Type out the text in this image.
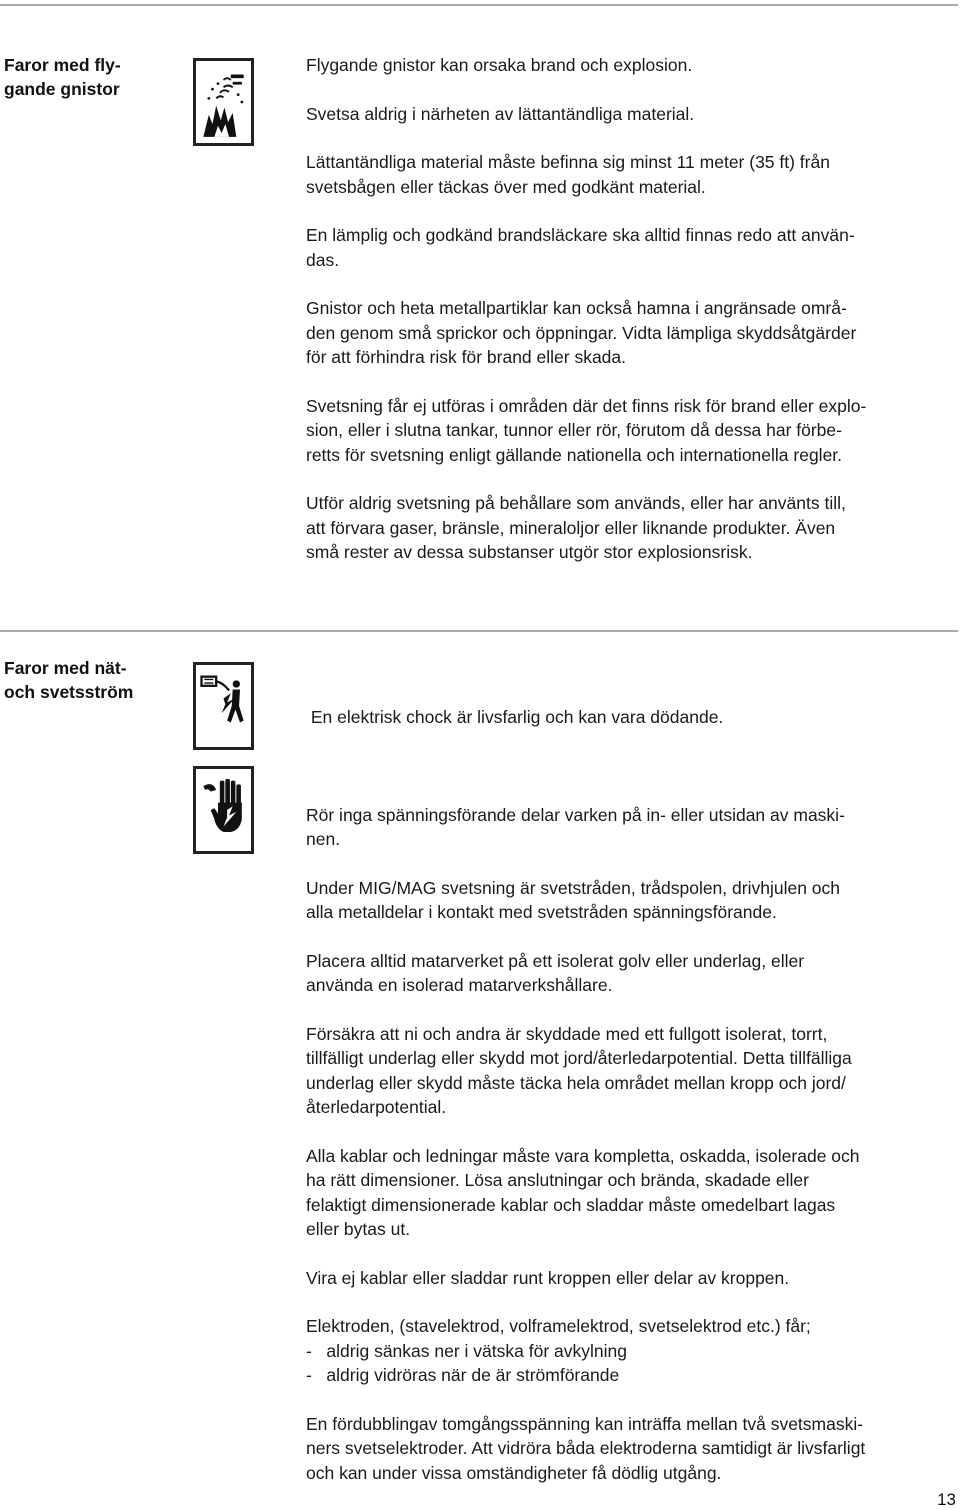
Faror med fly-
gande gnistor

Flygande gnistor kan orsaka brand och explosion.

Svetsa aldrig i närheten av lättantändliga material.

Lättantändliga material måste befinna sig minst 11 meter (35 ft) från
svetsbågen eller täckas över med godkänt material.

En lämplig och godkänd brandsläckare ska alltid finnas redo att använ-
das.

Gnistor och heta metallpartiklar kan också hamna i angränsade områ-
den genom små sprickor och öppningar. Vidta lämpliga skyddsåtgärder
för att förhindra risk för brand eller skada.

Svetsning får ej utföras i områden där det finns risk för brand eller explo-
sion, eller i slutna tankar, tunnor eller rör, förutom då dessa har förbe-
retts för svetsning enligt gällande nationella och internationella regler.

Utför aldrig svetsning på behållare som används, eller har använts till,
att förvara gaser, bränsle, mineraloljor eller liknande produkter. Även
små rester av dessa substanser utgör stor explosionsrisk.

Faror med nät-
och svetsström

En elektrisk chock är livsfarlig och kan vara dödande.

Rör inga spänningsförande delar varken på in- eller utsidan av maski-
nen.

Under MIG/MAG svetsning är svetstråden, trådspolen, drivhjulen och
alla metalldelar i kontakt med svetstråden spänningsförande.

Placera alltid matarverket på ett isolerat golv eller underlag, eller
använda en isolerad matarverkshållare.

Försäkra att ni och andra är skyddade med ett fullgott isolerat, torrt,
tillfälligt underlag eller skydd mot jord/återledarpotential. Detta tillfälliga
underlag eller skydd måste täcka hela området mellan kropp och jord/
återledarpotential.

Alla kablar och ledningar måste vara kompletta, oskadda, isolerade och
ha rätt dimensioner. Lösa anslutningar och brända, skadade eller
felaktigt dimensionerade kablar och sladdar måste omedelbart lagas
eller bytas ut.

Vira ej kablar eller sladdar runt kroppen eller delar av kroppen.

Elektroden, (stavelektrod, volframelektrod, svetselektrod etc.) får;
-   aldrig sänkas ner i vätska för avkylning
-   aldrig vidröras när de är strömförande

En fördubblingav tomgångsspänning kan inträffa mellan två svetsmaski-
ners svetselektroder. Att vidröra båda elektroderna samtidigt är livsfarligt
och kan under vissa omständigheter få dödlig utgång.

13
